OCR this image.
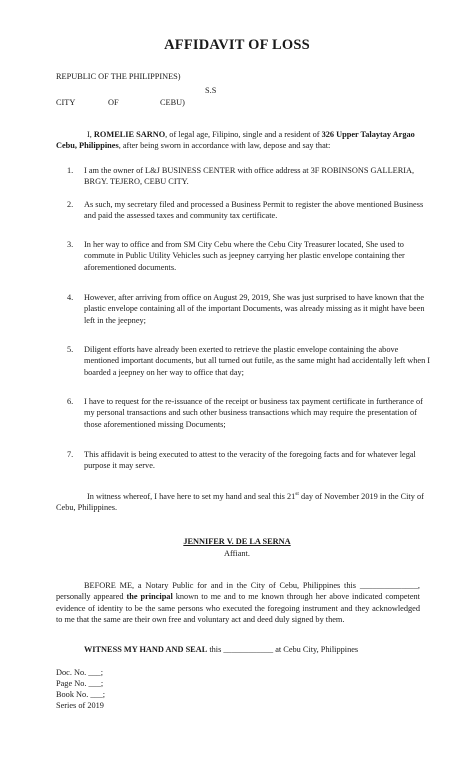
AFFIDAVIT OF LOSS
REPUBLIC OF THE PHILIPPINES)
S.S
CITY	OF	CEBU)
I, ROMELIE SARNO, of legal age, Filipino, single and a resident of 326 Upper Talaytay Argao Cebu, Philippines, after being sworn in accordance with law, depose and say that:
1. I am the owner of L&J BUSINESS CENTER with office address at 3F ROBINSONS GALLERIA, BRGY. TEJERO, CEBU CITY.
2. As such, my secretary filed and processed a Business Permit to register the above mentioned Business and paid the assessed taxes and community tax certificate.
3. In her way to office and from SM City Cebu where the Cebu City Treasurer located, She used to commute in Public Utility Vehicles such as jeepney carrying her plastic envelope containing ther aforementioned documents.
4. However, after arriving from office on August 29, 2019, She was just surprised to have known that the plastic envelope containing all of the important Documents, was already missing as it might have been left in the jeepney;
5. Diligent efforts have already been exerted to retrieve the plastic envelope containing the above mentioned important documents, but all turned out futile, as the same might had accidentally left when I boarded a jeepney on her way to office that day;
6. I have to request for the re-issuance of the receipt or business tax payment certificate in furtherance of my personal transactions and such other business transactions which may require the presentation of those aforementioned missing Documents;
7. This affidavit is being executed to attest to the veracity of the foregoing facts and for whatever legal purpose it may serve.
In witness whereof, I have here to set my hand and seal this 21st day of November 2019 in the City of Cebu, Philippines.
JENNIFER V. DE LA SERNA
Affiant.
BEFORE ME, a Notary Public for and in the City of Cebu, Philippines this ______________, personally appeared the principal known to me and to me known through her above indicated competent evidence of identity to be the same persons who executed the foregoing instrument and they acknowledged to me that the same are their own free and voluntary act and deed duly signed by them.
WITNESS MY HAND AND SEAL this ____________ at Cebu City, Philippines
Doc. No. ___;
Page No. ___;
Book No. ___;
Series of 2019
